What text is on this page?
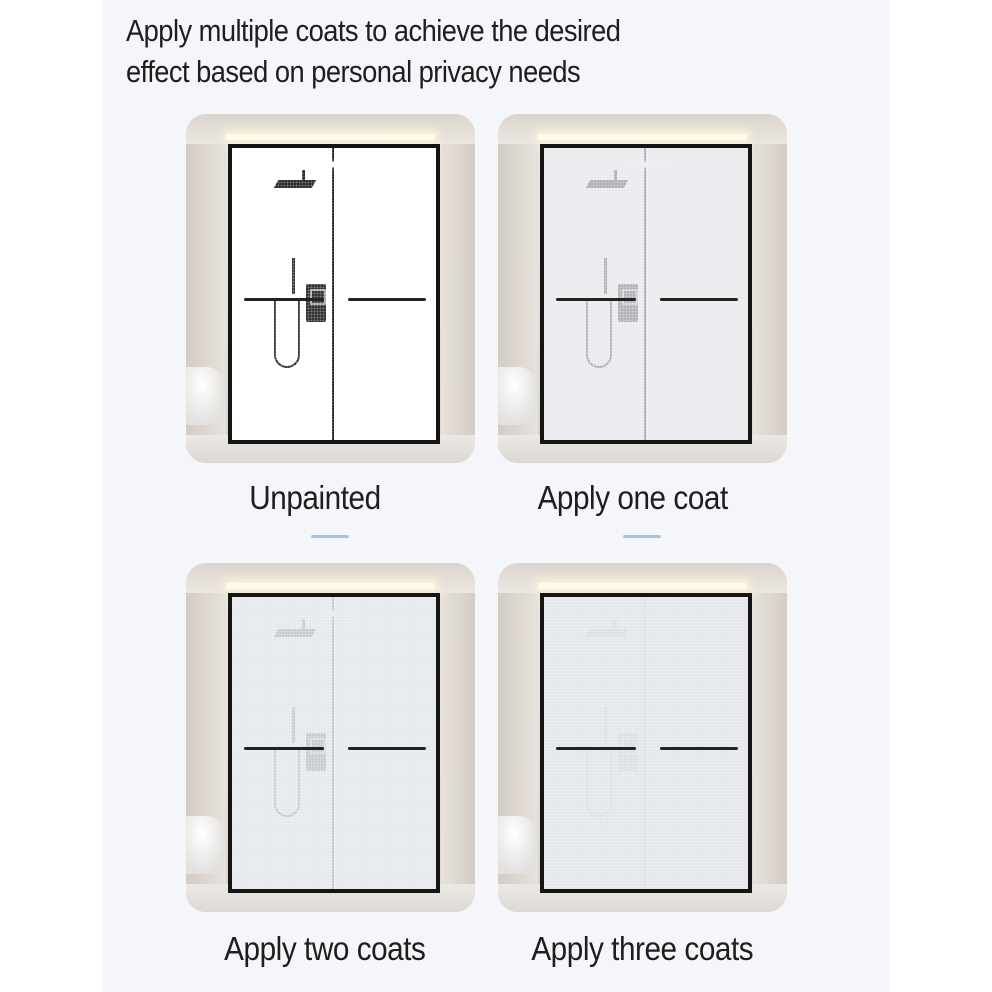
Apply multiple coats to achieve the desired
effect based on personal privacy needs
Unpainted	Apply one coat
Apply two coats	Apply three coats
